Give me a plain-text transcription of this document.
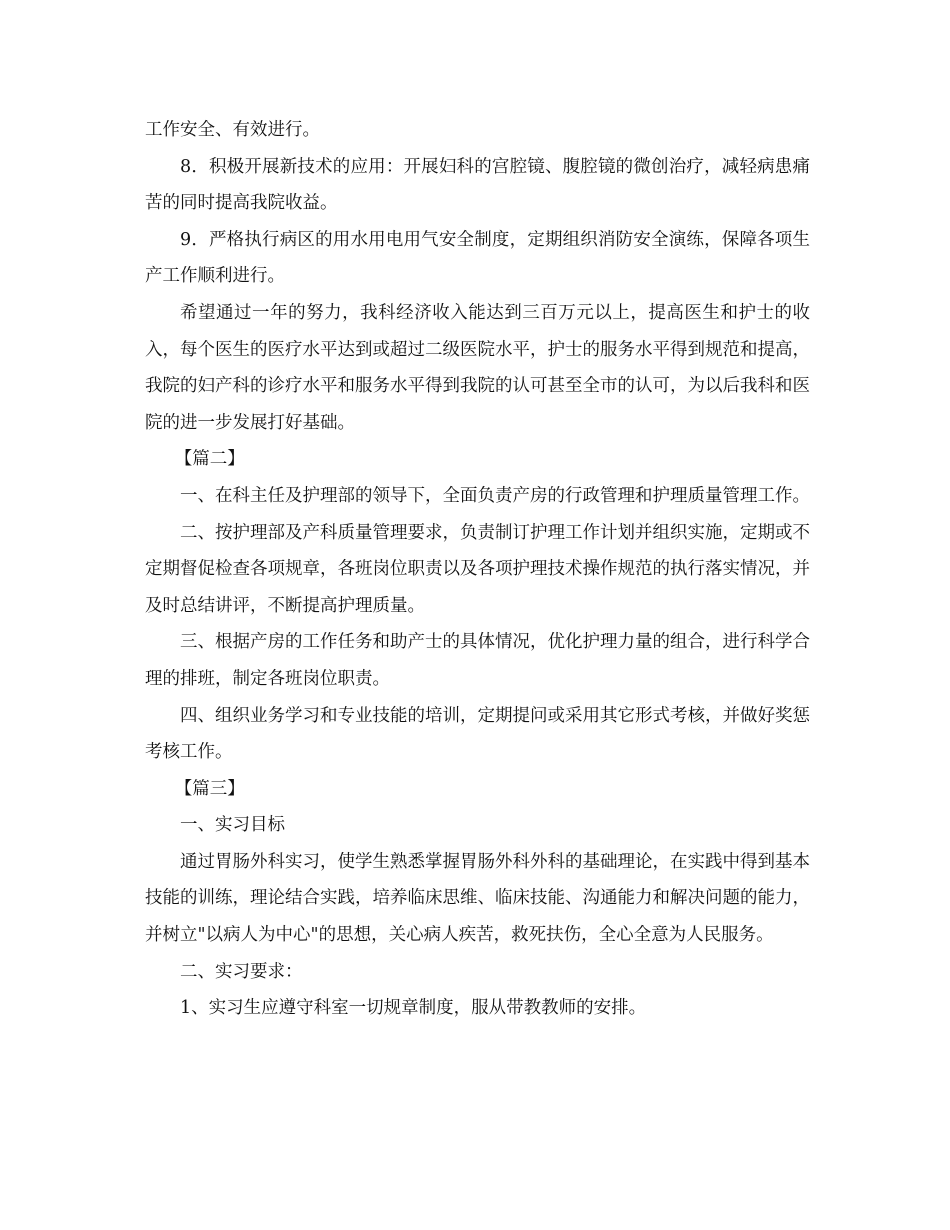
工作安全、有效进行。

8．积极开展新技术的应用：开展妇科的宫腔镜、腹腔镜的微创治疗，减轻病患痛苦的同时提高我院收益。

9．严格执行病区的用水用电用气安全制度，定期组织消防安全演练，保障各项生产工作顺利进行。

希望通过一年的努力，我科经济收入能达到三百万元以上，提高医生和护士的收入，每个医生的医疗水平达到或超过二级医院水平，护士的服务水平得到规范和提高，我院的妇产科的诊疗水平和服务水平得到我院的认可甚至全市的认可，为以后我科和医院的进一步发展打好基础。

【篇二】

一、在科主任及护理部的领导下，全面负责产房的行政管理和护理质量管理工作。

二、按护理部及产科质量管理要求，负责制订护理工作计划并组织实施，定期或不定期督促检查各项规章，各班岗位职责以及各项护理技术操作规范的执行落实情况，并及时总结讲评，不断提高护理质量。

三、根据产房的工作任务和助产士的具体情况，优化护理力量的组合，进行科学合理的排班，制定各班岗位职责。

四、组织业务学习和专业技能的培训，定期提问或采用其它形式考核，并做好奖惩考核工作。

【篇三】

一、实习目标

通过胃肠外科实习，使学生熟悉掌握胃肠外科外科的基础理论，在实践中得到基本技能的训练，理论结合实践，培养临床思维、临床技能、沟通能力和解决问题的能力，并树立"以病人为中心"的思想，关心病人疾苦，救死扶伤，全心全意为人民服务。

二、实习要求：

1、实习生应遵守科室一切规章制度，服从带教教师的安排。
